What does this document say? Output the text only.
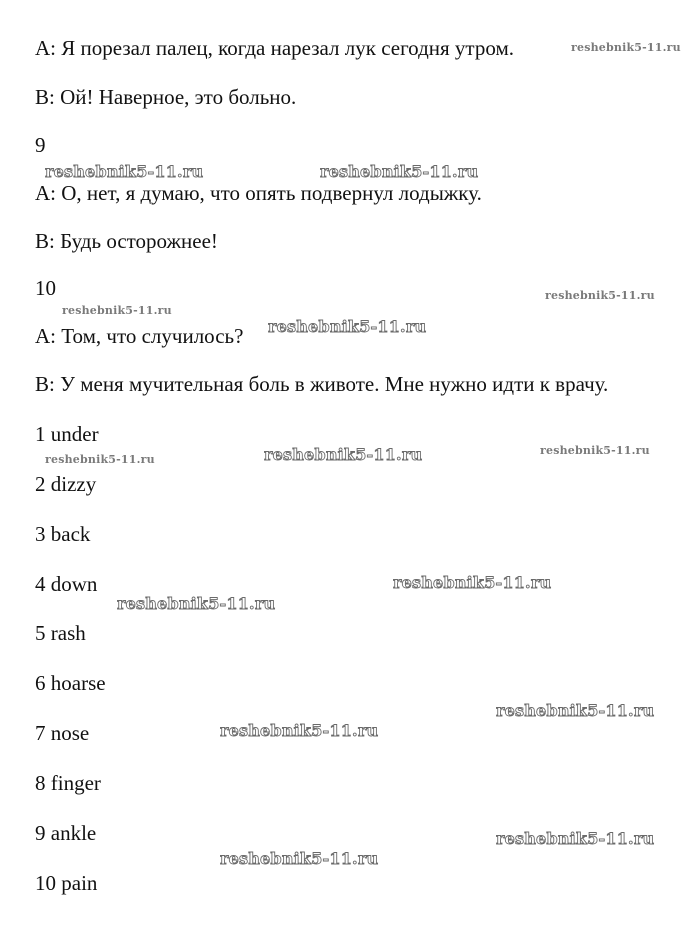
A: Я порезал палец, когда нарезал лук сегодня утром.
B: Ой! Наверное, это больно.
9
A: О, нет, я думаю, что опять подвернул лодыжку.
B: Будь осторожнее!
10
A: Том, что случилось?
B: У меня мучительная боль в животе. Мне нужно идти к врачу.
1 under
2 dizzy
3 back
4 down
5 rash
6 hoarse
7 nose
8 finger
9 ankle
10 pain
reshebnik5-11.ru
reshebnik5-11.ru	reshebnik5-11.ru
reshebnik5-11.ru
reshebnik5-11.ru
reshebnik5-11.ru
reshebnik5-11.ru
reshebnik5-11.ru
reshebnik5-11.ru
reshebnik5-11.ru
reshebnik5-11.ru
reshebnik5-11.ru
reshebnik5-11.ru
reshebnik5-11.ru
reshebnik5-11.ru
